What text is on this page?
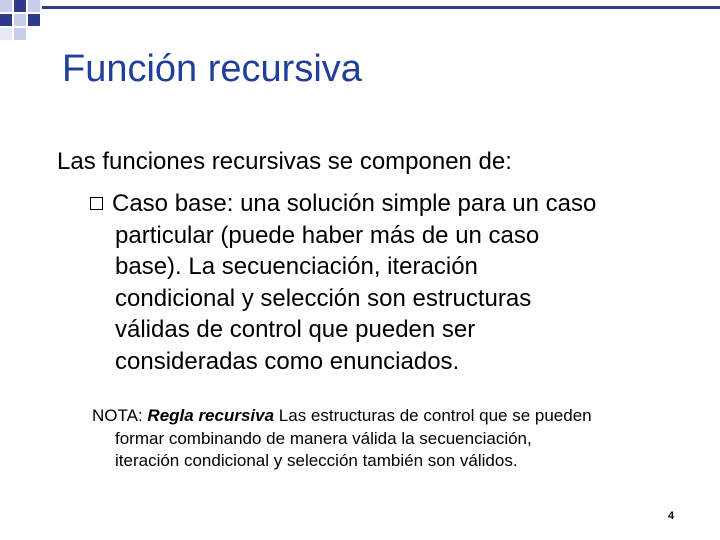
Función recursiva
Las funciones recursivas se componen de:
Caso base: una solución simple para un caso
particular (puede haber más de un caso
base). La secuenciación, iteración
condicional y selección son estructuras
válidas de control que pueden ser
consideradas como enunciados.
NOTA: Regla recursiva Las estructuras de control que se pueden
formar combinando de manera válida la secuenciación,
iteración condicional y selección también son válidos.
4
